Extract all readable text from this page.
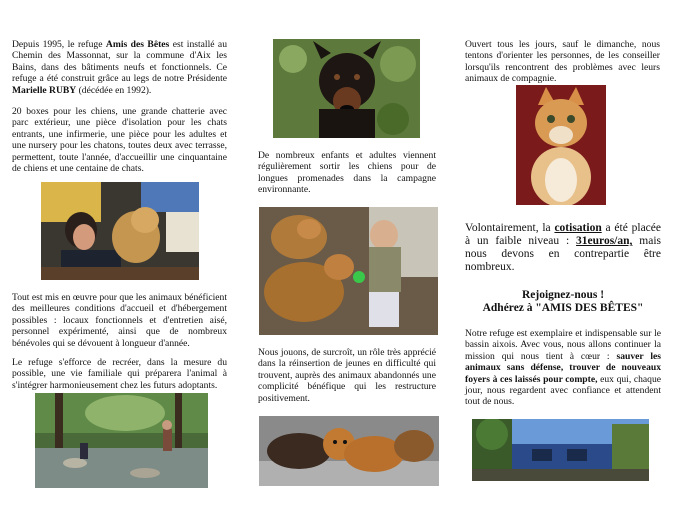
Depuis 1995, le refuge Amis des Bêtes est installé au Chemin des Massonnat, sur la commune d'Aix les Bains, dans des bâtiments neufs et fonctionnels. Ce refuge a été construit grâce au legs de notre Présidente Marielle RUBY (décédée en 1992).

20 boxes pour les chiens, une grande chatterie avec parc extérieur, une pièce d'isolation pour les chats entrants, une infirmerie, une pièce pour les adultes et une nursery pour les chatons, toutes deux avec terrasse, permettent, toute l'année, d'accueillir une cinquantaine de chiens et une centaine de chats.

Tout est mis en œuvre pour que les animaux bénéficient des meilleures conditions d'accueil et d'hébergement possibles : locaux fonctionnels et d'entretien aisé, personnel expérimenté, ainsi que de nombreux bénévoles qui se dévouent à longueur d'année.

Le refuge s'efforce de recréer, dans la mesure du possible, une vie familiale qui préparera l'animal à s'intégrer harmonieusement chez les futurs adoptants.

De nombreux enfants et adultes viennent régulièrement sortir les chiens pour de longues promenades dans la campagne environnante.

Nous jouons, de surcroît, un rôle très apprécié dans la réinsertion de jeunes en difficulté qui trouvent, auprès des animaux abandonnés une complicité bénéfique qui les restructure positivement.

Ouvert tous les jours, sauf le dimanche, nous tentons d'orienter les personnes, de les conseiller lorsqu'ils rencontrent des problèmes avec leurs animaux de compagnie.

Volontairement, la cotisation a été placée à un faible niveau : 31euros/an, mais nous devons en contrepartie être nombreux.

Rejoignez-nous !
Adhérez à "AMIS DES BÊTES"

Notre refuge est exemplaire et indispensable sur le bassin aixois. Avec vous, nous allons continuer la mission qui nous tient à cœur : sauver les animaux sans défense, trouver de nouveaux foyers à ces laissés pour compte, eux qui, chaque jour, nous regardent avec confiance et attendent tout de nous.
